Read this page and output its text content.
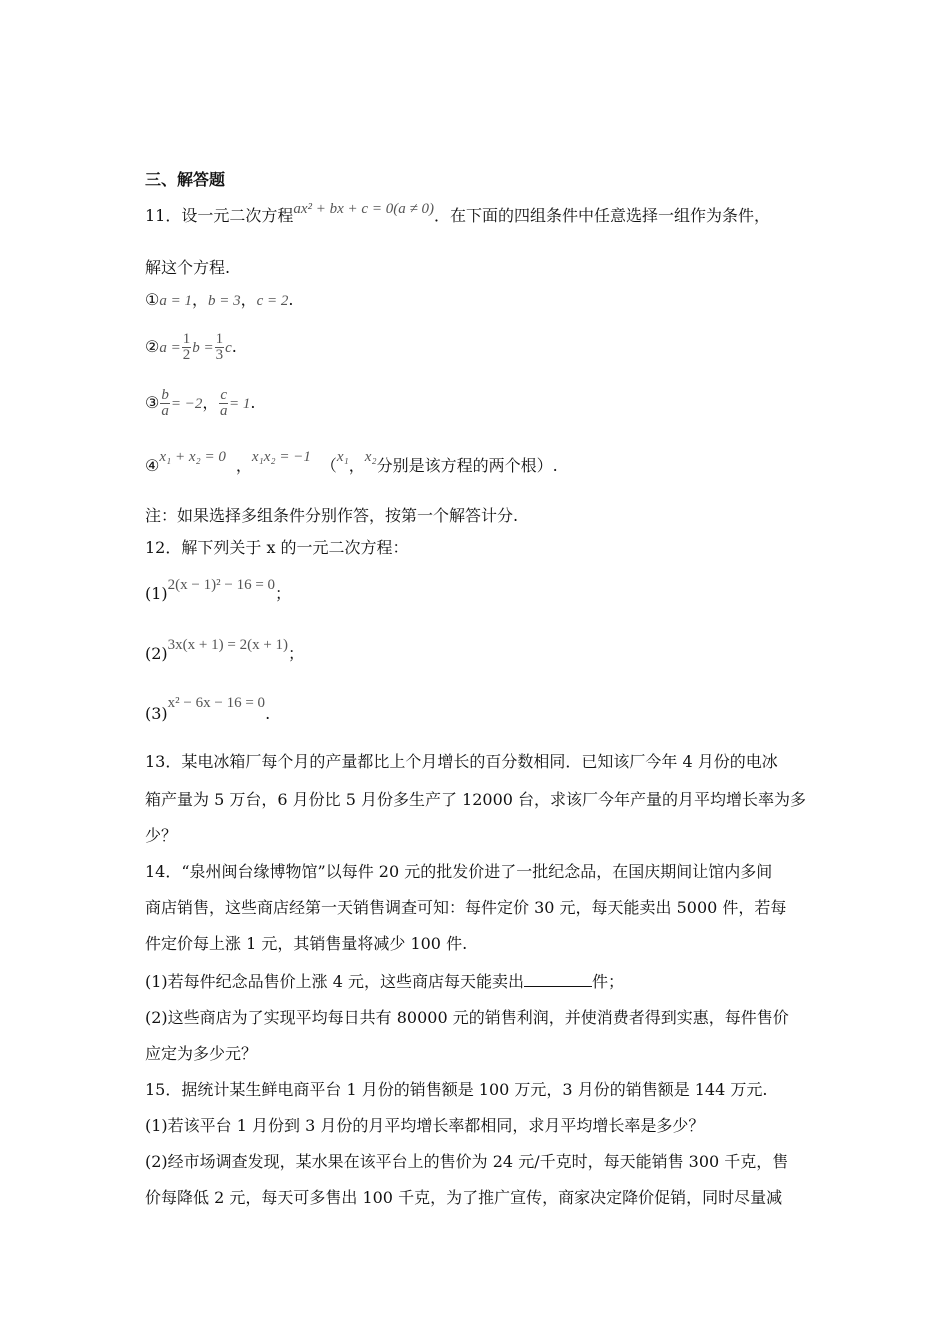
三、解答题
11．设一元二次方程ax² + bx + c = 0(a ≠ 0)．在下面的四组条件中任意选择一组作为条件，
解这个方程.
①a = 1，b = 3，c = 2.
②a = $\frac{1}{2}$ $b = \frac{1}{3} c$.
③ $\frac{b}{a} = -2$， $\frac{c}{a} = 1$.
④x₁ + x₂ = 0 ，x₁x₂ = −1 （x₁，x₂分别是该方程的两个根）.
注：如果选择多组条件分别作答，按第一个解答计分.
12．解下列关于 x 的一元二次方程：
(1)2(x − 1)² − 16 = 0；
(2)3x(x + 1) = 2(x + 1)；
(3)x² − 6x − 16 = 0.
13．某电冰箱厂每个月的产量都比上个月增长的百分数相同．已知该厂今年 4 月份的电冰
箱产量为 5 万台，6 月份比 5 月份多生产了 12000 台，求该厂今年产量的月平均增长率为多
少？
14．“泉州闽台缘博物馆”以每件 20 元的批发价进了一批纪念品，在国庆期间让馆内多间
商店销售，这些商店经第一天销售调查可知：每件定价 30 元，每天能卖出 5000 件，若每
件定价每上涨 1 元，其销售量将减少 100 件.
(1)若每件纪念品售价上涨 4 元，这些商店每天能卖出	件；
(2)这些商店为了实现平均每日共有 80000 元的销售利润，并使消费者得到实惠，每件售价
应定为多少元？
15．据统计某生鲜电商平台 1 月份的销售额是 100 万元，3 月份的销售额是 144 万元.
(1)若该平台 1 月份到 3 月份的月平均增长率都相同，求月平均增长率是多少？
(2)经市场调查发现，某水果在该平台上的售价为 24 元/千克时，每天能销售 300 千克，售
价每降低 2 元，每天可多售出 100 千克，为了推广宣传，商家决定降价促销，同时尽量减
